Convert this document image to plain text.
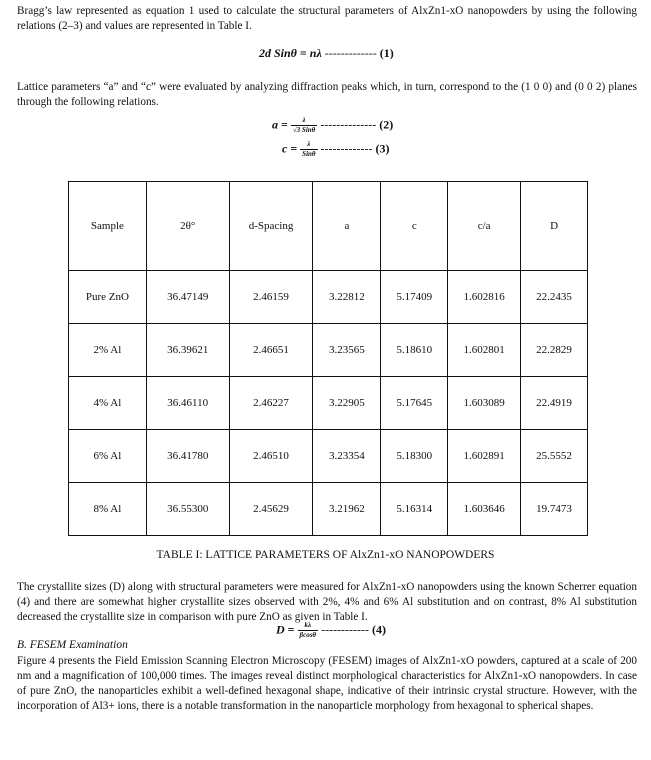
Bragg’s law represented as equation 1 used to calculate the structural parameters of AlxZn1-xO nanopowders by using the following relations (2–3) and values are represented in Table I.
2d Sinθ = nλ ------------- (1)
Lattice parameters “a” and “c” were evaluated by analyzing diffraction peaks which, in turn, correspond to the (1 0 0) and (0 0 2) planes through the following relations.
$a = \frac{\lambda}{\text{√3 Sinθ}}$ -------------- (2)
$c = \frac{\lambda}{\text{Sinθ}}$ ------------- (3)
Sample	2θ°	d-Spacing	a	c	c/a	D
Pure ZnO	36.47149	2.46159	3.22812	5.17409	1.602816	22.2435
2% Al	36.39621	2.46651	3.23565	5.18610	1.602801	22.2829
4% Al	36.46110	2.46227	3.22905	5.17645	1.603089	22.4919
6% Al	36.41780	2.46510	3.23354	5.18300	1.602891	25.5552
8% Al	36.55300	2.45629	3.21962	5.16314	1.603646	19.7473
TABLE I: LATTICE PARAMETERS OF AlxZn1-xO NANOPOWDERS
The crystallite sizes (D) along with structural parameters were measured for AlxZn1-xO nanopowders using the known Scherrer equation (4) and there are somewhat higher crystallite sizes observed with 2%, 4% and 6% Al substitution and on contrast, 8% Al substitution decreased the crystallite size in comparison with pure ZnO as given in Table I.
$D = \frac{k\lambda}{\beta\cos\theta}$ ------------ (4)
B. FESEM Examination
Figure 4 presents the Field Emission Scanning Electron Microscopy (FESEM) images of AlxZn1-xO powders, captured at a scale of 200 nm and a magnification of 100,000 times. The images reveal distinct morphological characteristics for AlxZn1-xO nanopowders. In case of pure ZnO, the nanoparticles exhibit a well-defined hexagonal shape, indicative of their intrinsic crystal structure. However, with the incorporation of Al3+ ions, there is a notable transformation in the nanoparticle morphology from hexagonal to spherical shapes.
